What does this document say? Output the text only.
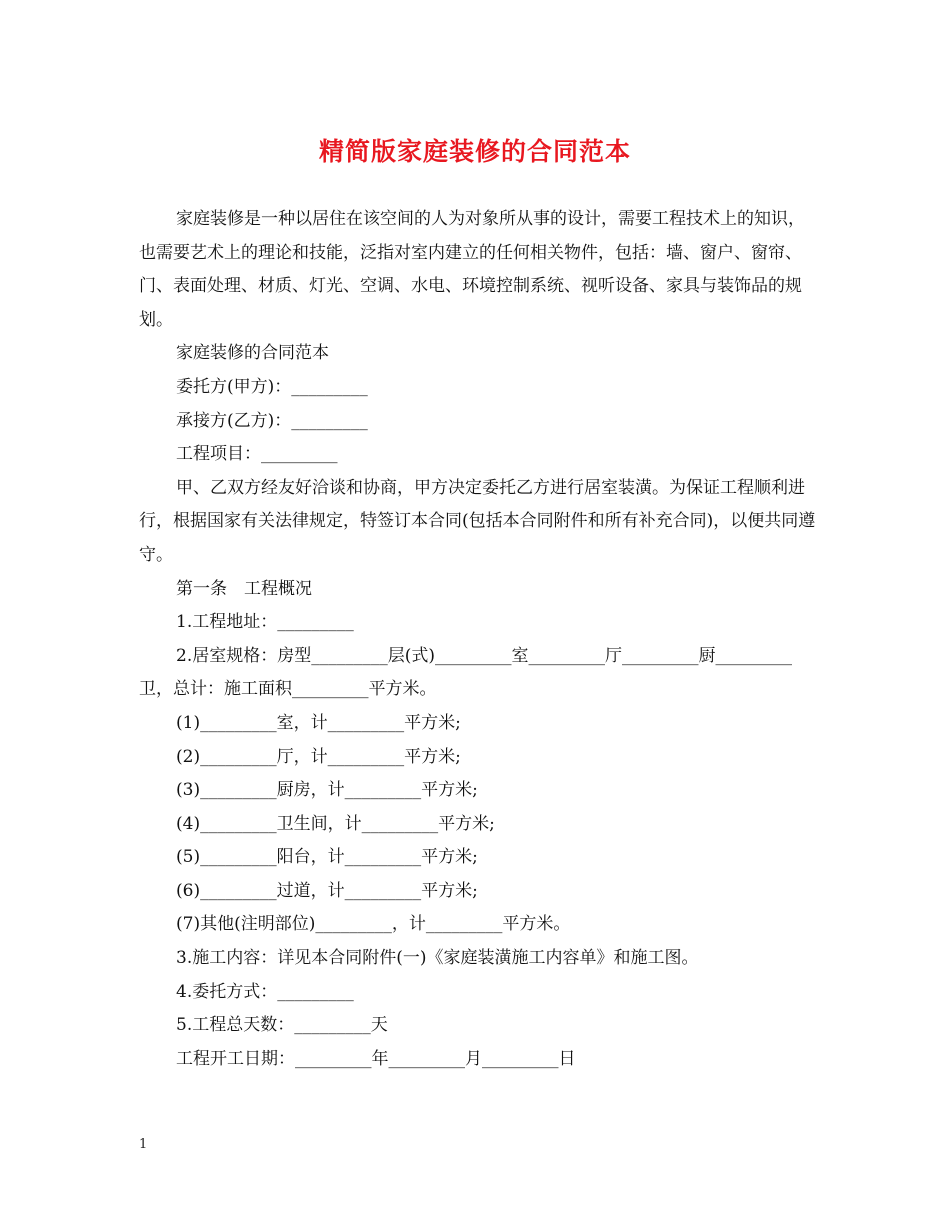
精简版家庭装修的合同范本

家庭装修是一种以居住在该空间的人为对象所从事的设计，需要工程技术上的知识，也需要艺术上的理论和技能，泛指对室内建立的任何相关物件，包括：墙、窗户、窗帘、门、表面处理、材质、灯光、空调、水电、环境控制系统、视听设备、家具与装饰品的规划。

家庭装修的合同范本

委托方(甲方)：_________

承接方(乙方)：_________

工程项目：_________

甲、乙双方经友好洽谈和协商，甲方决定委托乙方进行居室装潢。为保证工程顺利进行，根据国家有关法律规定，特签订本合同(包括本合同附件和所有补充合同)，以便共同遵守。

第一条　工程概况

1.工程地址：_________

2.居室规格：房型_________层(式)_________室_________厅_________厨_________卫，总计：施工面积_________平方米。

(1)_________室，计_________平方米;

(2)_________厅，计_________平方米;

(3)_________厨房，计_________平方米;

(4)_________卫生间，计_________平方米;

(5)_________阳台，计_________平方米;

(6)_________过道，计_________平方米;

(7)其他(注明部位)_________，计_________平方米。

3.施工内容：详见本合同附件(一)《家庭装潢施工内容单》和施工图。

4.委托方式：_________

5.工程总天数：_________天

工程开工日期：_________年_________月_________日

1
